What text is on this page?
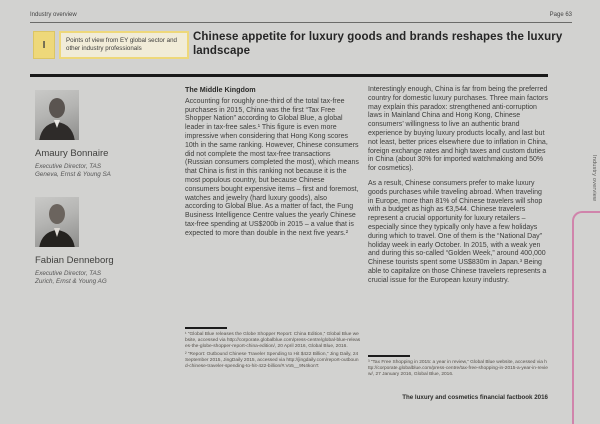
Industry overview	Page 63
I	Points of view from EY global sector and other industry professionals
Chinese appetite for luxury goods and brands reshapes the luxury landscape
Amaury Bonnaire
Executive Director, TAS
Geneva, Ernst & Young SA
Fabian Denneborg
Executive Director, TAS
Zurich, Ernst & Young AG
The Middle Kingdom

Accounting for roughly one-third of the total tax-free purchases in 2015, China was the first “Tax Free Shopper Nation” according to Global Blue, a global leader in tax-free sales.¹ This figure is even more impressive when considering that Hong Kong scores 10th in the same ranking. However, Chinese consumers did not complete the most tax-free transactions (Russian consumers completed the most), which means that China is first in this ranking not because it is the most populous country, but because Chinese consumers bought expensive items – first and foremost, watches and jewelry (hard luxury goods), also according to Global Blue. As a matter of fact, the Fung Business Intelligence Centre values the yearly Chinese tax-free spending at US$200b in 2015 – a value that is expected to more than double in the next five years.²

Interestingly enough, China is far from being the preferred country for domestic luxury purchases. Three main factors may explain this paradox: strengthened anti-corruption laws in Mainland China and Hong Kong, Chinese consumers’ willingness to live an authentic brand experience by buying luxury products locally, and last but not least, better prices elsewhere due to inflation in China, foreign exchange rates and high taxes and custom duties in China (about 30% for imported watchmaking and 50% for cosmetics).

As a result, Chinese consumers prefer to make luxury goods purchases while traveling abroad. When traveling in Europe, more than 81% of Chinese travelers will shop with a budget as high as €3,544. Chinese travelers represent a crucial opportunity for luxury retailers – especially since they typically only have a few holidays during which to travel. One of them is the “National Day” holiday week in early October. In 2015, with a weak yen and during this so-called “Golden Week,” around 400,000 Chinese tourists spent some US$830m in Japan.³ Being able to capitalize on those Chinese travelers represents a crucial issue for the European luxury industry.

¹ “Global Blue releases the Globe Shopper Report: China Edition,” Global Blue website, accessed via http://corporate.globalblue.com/press-centre/global-blue-releases-the-globe-shopper-report-china-edition/, 20 April 2016, Global Blue, 2016.

² “Report: Outbound Chinese Traveler Spending to Hit $422 Billion,” Jing Daily, 24 September 2015, JingDaily 2015, accessed via http://jingdaily.com/report-outbound-chinese-traveler-spending-to-hit-422-billion/#.Vo5__9N4konT.

³ “Tax Free Shopping in 2015: a year in review,” Global Blue website, accessed via http://corporate.globalblue.com/press-centre/tax-free-shopping-in-2015-a-year-in-review/, 27 January 2016, Global Blue, 2016.

The luxury and cosmetics financial factbook 2016
Industry overview
